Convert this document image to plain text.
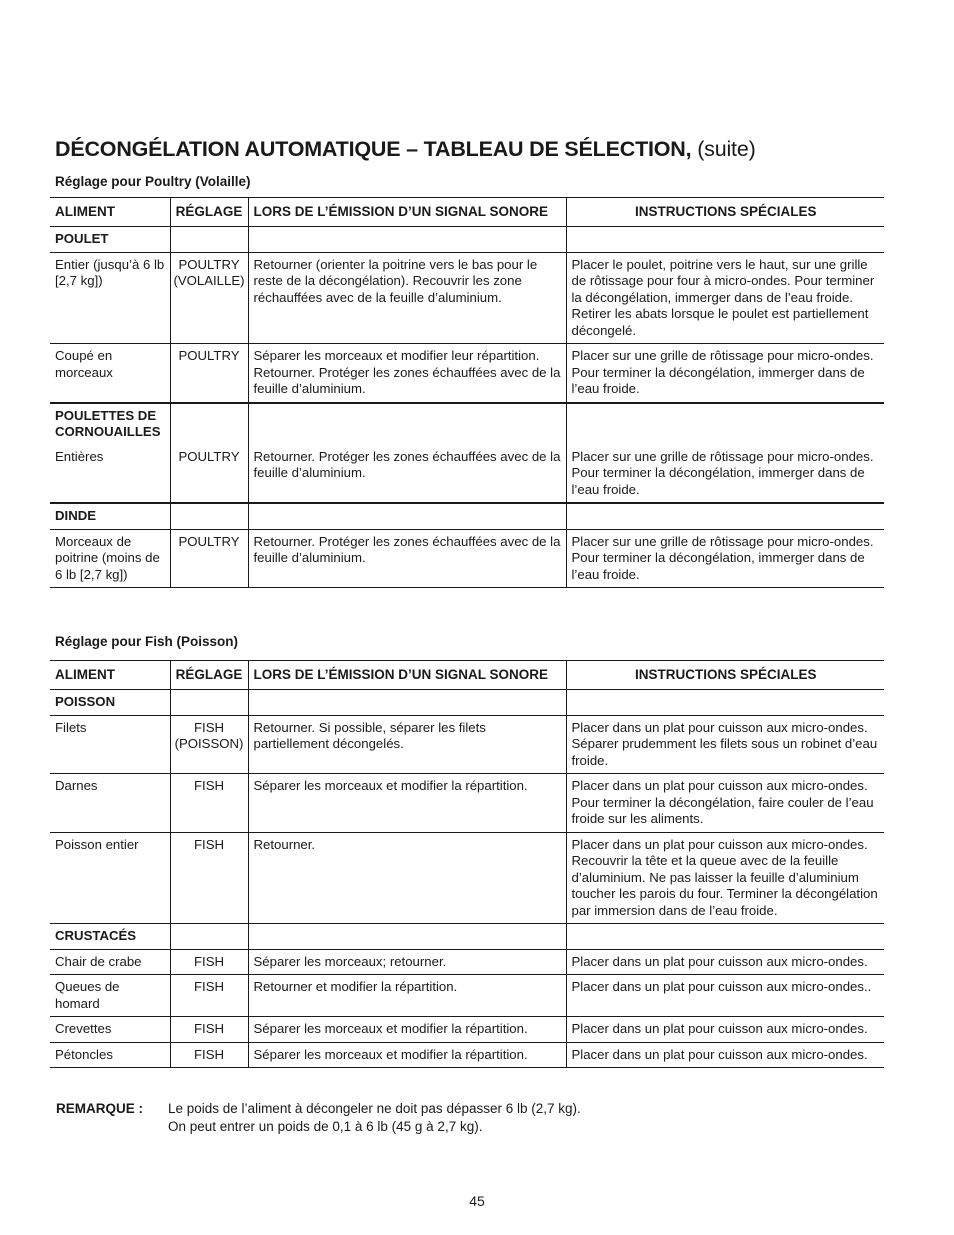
DÉCONGÉLATION AUTOMATIQUE – TABLEAU DE SÉLECTION, (suite)
Réglage pour Poultry (Volaille)
ALIMENT	RÉGLAGE	LORS DE L’ÉMISSION D’UN SIGNAL SONORE	INSTRUCTIONS SPÉCIALES
POULET			
Entier (jusqu’à 6 lb [2,7 kg])	POULTRY (VOLAILLE)	Retourner (orienter la poitrine vers le bas pour le reste de la décongélation). Recouvrir les zone réchauffées avec de la feuille d’aluminium.	Placer le poulet, poitrine vers le haut, sur une grille de rôtissage pour four à micro-ondes. Pour terminer la décongélation, immerger dans de l’eau froide. Retirer les abats lorsque le poulet est partiellement décongelé.
Coupé en morceaux	POULTRY	Séparer les morceaux et modifier leur répartition. Retourner. Protéger les zones échauffées avec de la feuille d’aluminium.	Placer sur une grille de rôtissage pour micro-ondes. Pour terminer la décongélation, immerger dans de l’eau froide.
POULETTES DE CORNOUAILLES			
Entières	POULTRY	Retourner. Protéger les zones échauffées avec de la feuille d’aluminium.	Placer sur une grille de rôtissage pour micro-ondes. Pour terminer la décongélation, immerger dans de l’eau froide.
DINDE			
Morceaux de poitrine (moins de 6 lb [2,7 kg])	POULTRY	Retourner. Protéger les zones échauffées avec de la feuille d’aluminium.	Placer sur une grille de rôtissage pour micro-ondes. Pour terminer la décongélation, immerger dans de l’eau froide.
Réglage pour Fish (Poisson)
ALIMENT	RÉGLAGE	LORS DE L’ÉMISSION D’UN SIGNAL SONORE	INSTRUCTIONS SPÉCIALES
POISSON			
Filets	FISH (POISSON)	Retourner. Si possible, séparer les filets partiellement décongelés.	Placer dans un plat pour cuisson aux micro-ondes. Séparer prudemment les filets sous un robinet d’eau froide.
Darnes	FISH	Séparer les morceaux et modifier la répartition.	Placer dans un plat pour cuisson aux micro-ondes. Pour terminer la décongélation, faire couler de l’eau froide sur les aliments.
Poisson entier	FISH	Retourner.	Placer dans un plat pour cuisson aux micro-ondes. Recouvrir la tête et la queue avec de la feuille d’aluminium. Ne pas laisser la feuille d’aluminium toucher les parois du four. Terminer la décongélation par immersion dans de l’eau froide.
CRUSTACÉS			
Chair de crabe	FISH	Séparer les morceaux; retourner.	Placer dans un plat pour cuisson aux micro-ondes.
Queues de homard	FISH	Retourner et modifier la répartition.	Placer dans un plat pour cuisson aux micro-ondes..
Crevettes	FISH	Séparer les morceaux et modifier la répartition.	Placer dans un plat pour cuisson aux micro-ondes.
Pétoncles	FISH	Séparer les morceaux et modifier la répartition.	Placer dans un plat pour cuisson aux micro-ondes.
REMARQUE : Le poids de l’aliment à décongeler ne doit pas dépasser 6 lb (2,7 kg).
On peut entrer un poids de 0,1 à 6 lb (45 g à 2,7 kg).
45
